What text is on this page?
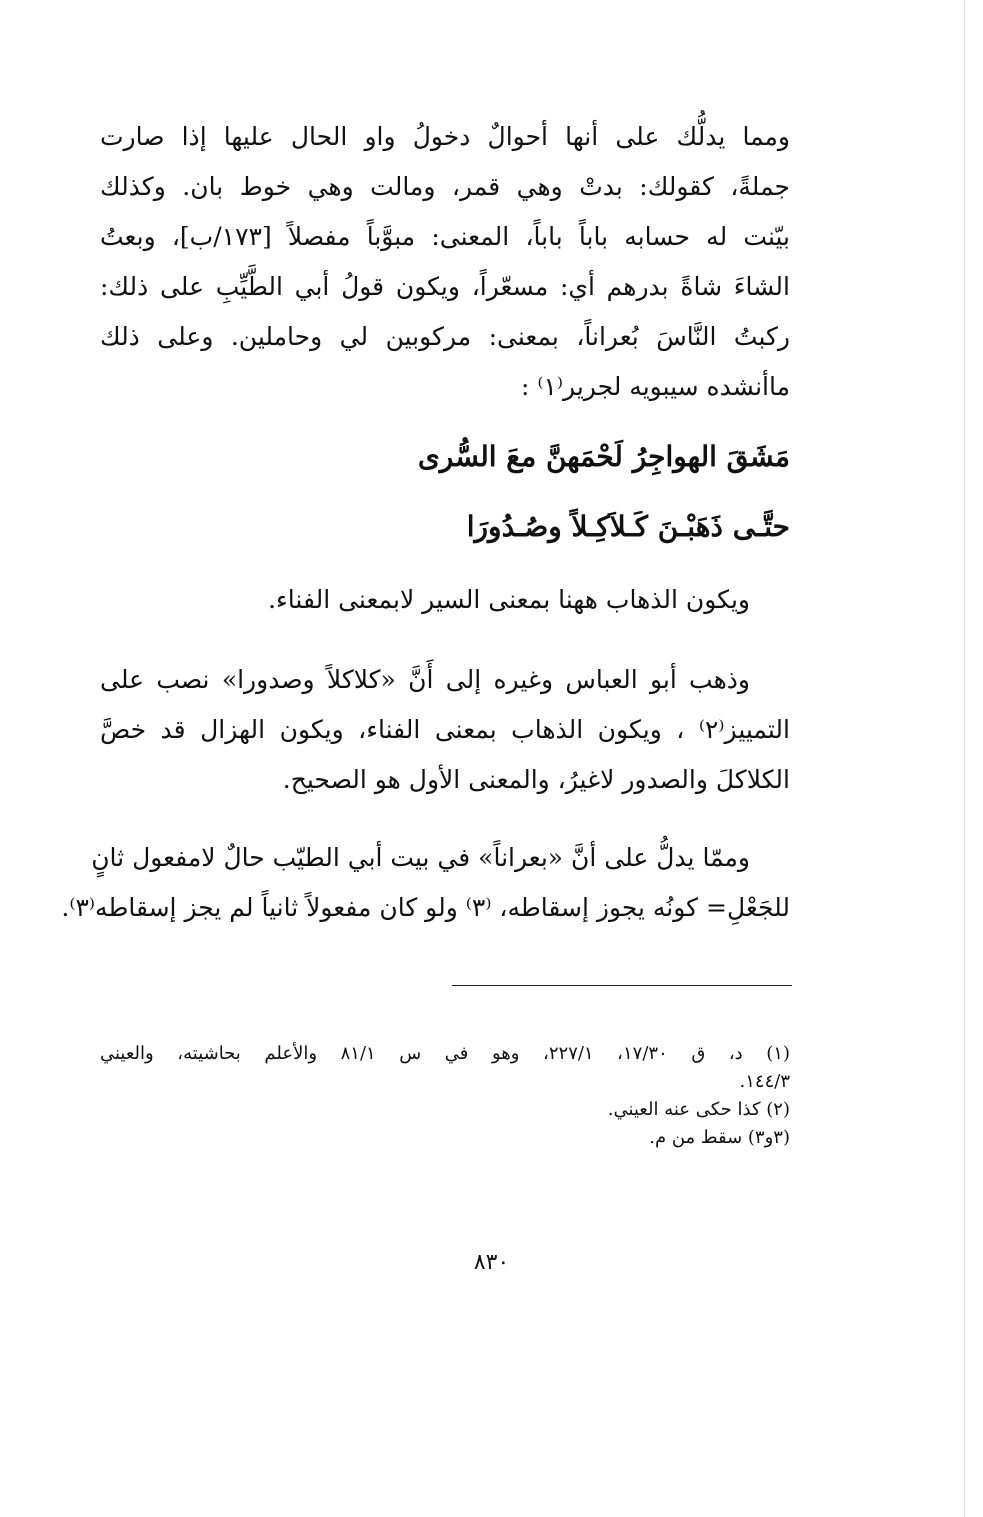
ومما يدلُّك على أنها أحوالٌ دخولُ واو الحال عليها إذا صارت
جملةً، كقولك: بدتْ وهي قمر، ومالت وهي خوط بان. وكذلك
بيّنت له حسابه باباً باباً، المعنى: مبوَّباً مفصلاً [١٧٣/ب]، وبعتُ
الشاءَ شاةً بدرهم أي: مسعّراً، ويكون قولُ أبي الطَّيِّبِ على ذلك:
ركبتُ النَّاسَ بُعراناً، بمعنى: مركوبين لي وحاملين. وعلى ذلك
ماأنشده سيبويه لجرير⁽١⁾ :
مَشَقَ الهواجِرُ لَحْمَهنَّ معَ السُّرى
حتَّـى ذَهَبْـنَ كَـلاَكِـلاً وصُـدُورَا
ويكون الذهاب ههنا بمعنى السير لابمعنى الفناء.
وذهب أبو العباس وغيره إلى أَنَّ «كلاكلاً وصدورا» نصب على
التمييز⁽٢⁾ ، ويكون الذهاب بمعنى الفناء، ويكون الهزال قد خصَّ
الكلاكلَ والصدور لاغيرُ، والمعنى الأول هو الصحيح.
وممّا يدلُّ على أنَّ «بعراناً» في بيت أبي الطيّب حالٌ لامفعول ثانٍ
للجَعْلِ= كونُه يجوز إسقاطه، ⁽٣⁾ ولو كان مفعولاً ثانياً لم يجز إسقاطه⁽٣⁾.
(١) د، ق ١٧/٣٠، ٢٢٧/١، وهو في س ٨١/١ والأعلم بحاشيته، والعيني
١٤٤/٣.
(٢) كذا حكى عنه العيني.
(٣و٣) سقط من م.
٨٣٠
